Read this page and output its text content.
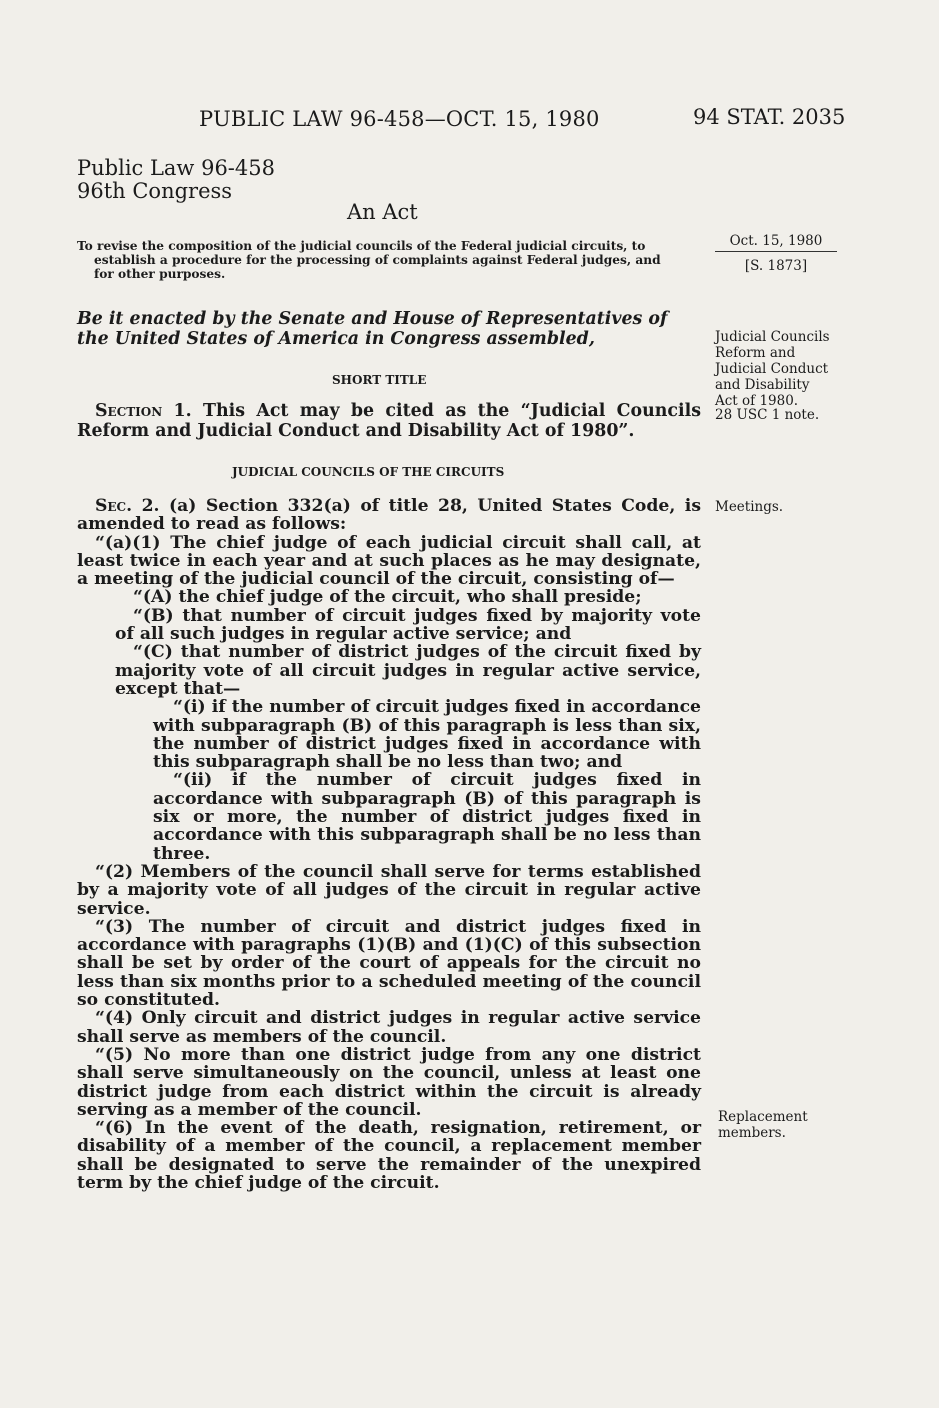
PUBLIC LAW 96-458—OCT. 15, 1980	94 STAT. 2035
Public Law 96-458
96th Congress
An Act
To revise the composition of the judicial councils of the Federal judicial circuits, to
establish a procedure for the processing of complaints against Federal judges, and
for other purposes.
Oct. 15, 1980
[S. 1873]
Be it enacted by the Senate and House of Representatives of the United States of America in Congress assembled,	Judicial Councils
Reform and
Judicial Conduct
and Disability
Act of 1980.
28 USC 1 note.
SHORT TITLE

Section 1. This Act may be cited as the “Judicial Councils Reform and Judicial Conduct and Disability Act of 1980”.

JUDICIAL COUNCILS OF THE CIRCUITS
Meetings.

Sec. 2. (a) Section 332(a) of title 28, United States Code, is amended to read as follows:

“(a)(1) The chief judge of each judicial circuit shall call, at least twice in each year and at such places as he may designate, a meeting of the judicial council of the circuit, consisting of—

“(A) the chief judge of the circuit, who shall preside;

“(B) that number of circuit judges fixed by majority vote of all such judges in regular active service; and

“(C) that number of district judges of the circuit fixed by majority vote of all circuit judges in regular active service, except that—

“(i) if the number of circuit judges fixed in accordance with subparagraph (B) of this paragraph is less than six, the number of district judges fixed in accordance with this subparagraph shall be no less than two; and

“(ii) if the number of circuit judges fixed in accordance with subparagraph (B) of this paragraph is six or more, the number of district judges fixed in accordance with this subparagraph shall be no less than three.

“(2) Members of the council shall serve for terms established by a majority vote of all judges of the circuit in regular active service.

“(3) The number of circuit and district judges fixed in accordance with paragraphs (1)(B) and (1)(C) of this subsection shall be set by order of the court of appeals for the circuit no less than six months prior to a scheduled meeting of the council so constituted.

“(4) Only circuit and district judges in regular active service shall serve as members of the council.

“(5) No more than one district judge from any one district shall serve simultaneously on the council, unless at least one district judge from each district within the circuit is already serving as a member of the council.

“(6) In the event of the death, resignation, retirement, or disability of a member of the council, a replacement member shall be designated to serve the remainder of the unexpired term by the chief judge of the circuit.

Replacement
members.
